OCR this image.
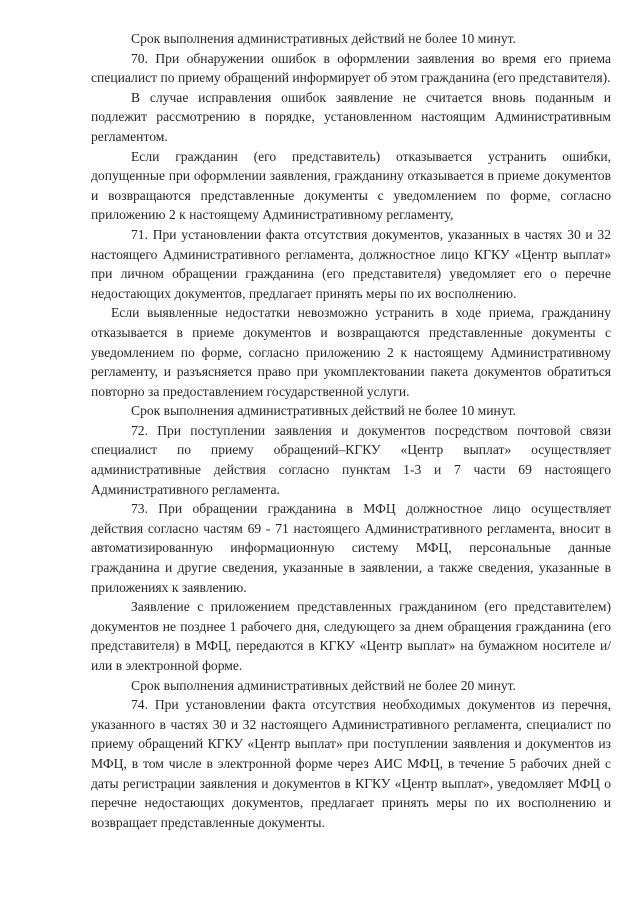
Срок выполнения административных действий не более 10 минут.

70. При обнаружении ошибок в оформлении заявления во время его приема специалист по приему обращений информирует об этом гражданина (его представителя).

В случае исправления ошибок заявление не считается вновь поданным и подлежит рассмотрению в порядке, установленном настоящим Административным регламентом.

Если гражданин (его представитель) отказывается устранить ошибки, допущенные при оформлении заявления, гражданину отказывается в приеме документов и возвращаются представленные документы с уведомлением по форме, согласно приложению 2 к настоящему Административному регламенту,

71. При установлении факта отсутствия документов, указанных в частях 30 и 32 настоящего Административного регламента, должностное лицо КГКУ «Центр выплат» при личном обращении гражданина (его представителя) уведомляет его о перечне недостающих документов, предлагает принять меры по их восполнению.

Если выявленные недостатки невозможно устранить в ходе приема, гражданину отказывается в приеме документов и возвращаются представленные документы с уведомлением по форме, согласно приложению 2 к настоящему Административному регламенту, и разъясняется право при укомплектовании пакета документов обратиться повторно за предоставлением государственной услуги.

Срок выполнения административных действий не более 10 минут.

72. При поступлении заявления и документов посредством почтовой связи специалист по приему обращений–КГКУ «Центр выплат» осуществляет административные действия согласно пунктам 1-3 и 7 части 69 настоящего Административного регламента.

73. При обращении гражданина в МФЦ должностное лицо осуществляет действия согласно частям 69 - 71 настоящего Административного регламента, вносит в автоматизированную информационную систему МФЦ, персональные данные гражданина и другие сведения, указанные в заявлении, а также сведения, указанные в приложениях к заявлению.

Заявление с приложением представленных гражданином (его представителем) документов не позднее 1 рабочего дня, следующего за днем обращения гражданина (его представителя) в МФЦ, передаются в КГКУ «Центр выплат» на бумажном носителе и/или в электронной форме.

Срок выполнения административных действий не более 20 минут.

74. При установлении факта отсутствия необходимых документов из перечня, указанного в частях 30 и 32 настоящего Административного регламента, специалист по приему обращений КГКУ «Центр выплат» при поступлении заявления и документов из МФЦ, в том числе в электронной форме через АИС МФЦ, в течение 5 рабочих дней с даты регистрации заявления и документов в КГКУ «Центр выплат», уведомляет МФЦ о перечне недостающих документов, предлагает принять меры по их восполнению и возвращает представленные документы.
